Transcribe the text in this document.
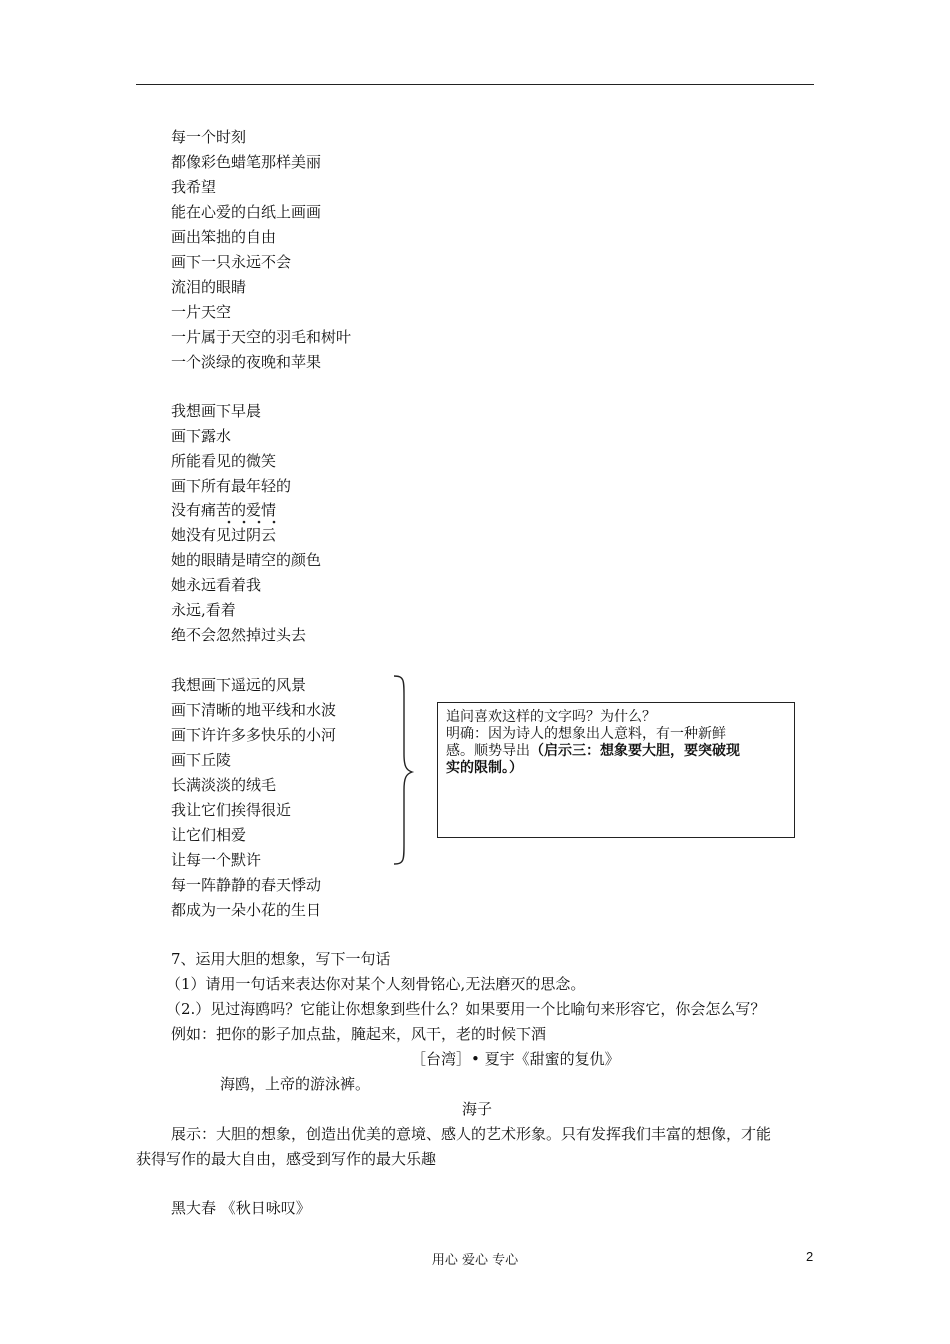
每一个时刻
都像彩色蜡笔那样美丽
我希望
能在心爱的白纸上画画
画出笨拙的自由
画下一只永远不会
流泪的眼睛
一片天空
一片属于天空的羽毛和树叶
一个淡绿的夜晚和苹果
我想画下早晨
画下露水
所能看见的微笑
画下所有最年轻的
没有痛苦的爱情
她没有见过阴云
她的眼睛是晴空的颜色
她永远看着我
永远,看着
绝不会忽然掉过头去
我想画下遥远的风景
画下清晰的地平线和水波
画下许许多多快乐的小河
画下丘陵
长满淡淡的绒毛
我让它们挨得很近
让它们相爱
让每一个默许
每一阵静静的春天悸动
都成为一朵小花的生日
追问喜欢这样的文字吗？为什么？
明确：因为诗人的想象出人意料，有一种新鲜
感。顺势导出（启示三：想象要大胆，要突破现
实的限制。）
7、运用大胆的想象，写下一句话
（1）请用一句话来表达你对某个人刻骨铭心,无法磨灭的思念。
（2.）见过海鸥吗？它能让你想象到些什么？如果要用一个比喻句来形容它，你会怎么写？
例如：把你的影子加点盐，腌起来，风干，老的时候下酒
［台湾］• 夏宇《甜蜜的复仇》
海鸥，上帝的游泳裤。
海子
展示：大胆的想象，创造出优美的意境、感人的艺术形象。只有发挥我们丰富的想像，才能
获得写作的最大自由，感受到写作的最大乐趣
黑大春 《秋日咏叹》
用心 爱心 专心	2
